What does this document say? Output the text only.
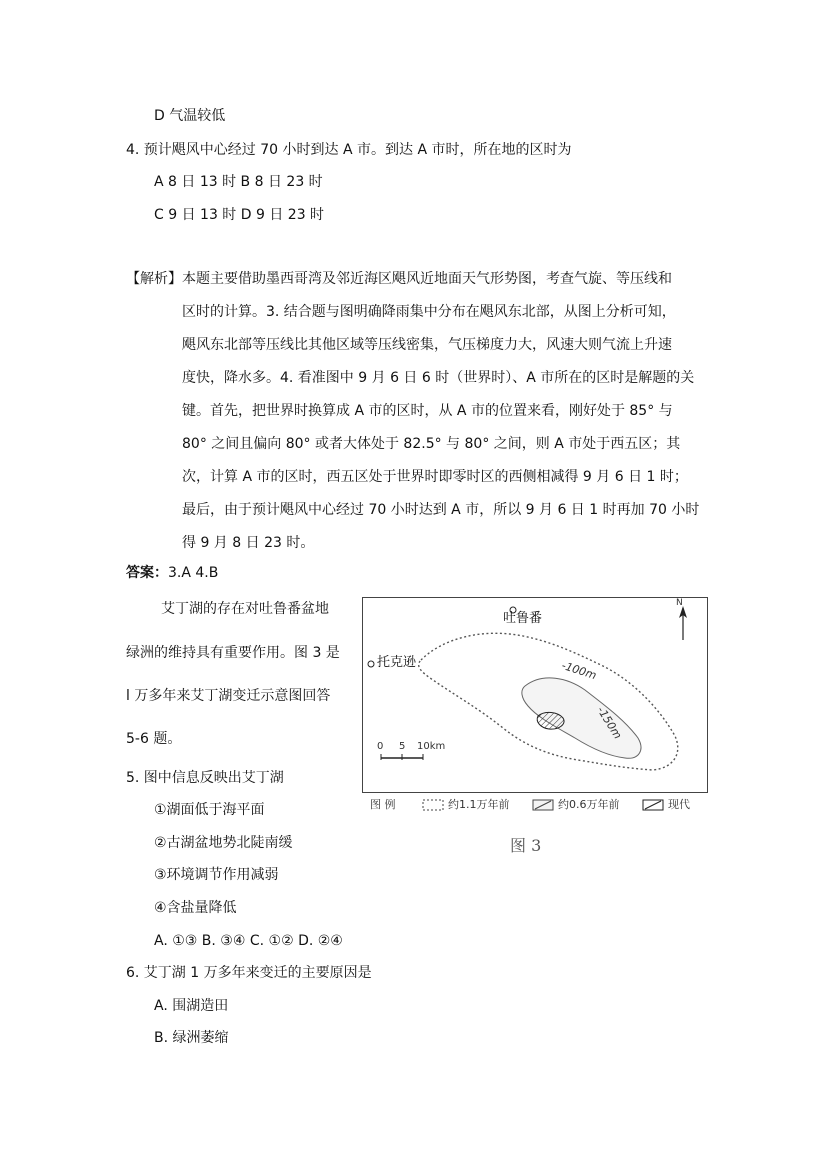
D 气温较低
4. 预计飓风中心经过 70 小时到达 A 市。到达 A 市时，所在地的区时为
A 8 日 13 时 B 8 日 23 时
C 9 日 13 时 D 9 日 23 时
【解析】本题主要借助墨西哥湾及邻近海区飓风近地面天气形势图，考查气旋、等压线和
区时的计算。3. 结合题与图明确降雨集中分布在飓风东北部，从图上分析可知，
飓风东北部等压线比其他区域等压线密集，气压梯度力大，风速大则气流上升速
度快，降水多。4. 看准图中 9 月 6 日 6 时（世界时）、A 市所在的区时是解题的关
键。首先，把世界时换算成 A 市的区时，从 A 市的位置来看，刚好处于 85° 与
80° 之间且偏向 80° 或者大体处于 82.5° 与 80° 之间，则 A 市处于西五区；其
次，计算 A 市的区时，西五区处于世界时即零时区的西侧相减得 9 月 6 日 1 时；
最后，由于预计飓风中心经过 70 小时达到 A 市，所以 9 月 6 日 1 时再加 70 小时
得 9 月 8 日 23 时。
答案：3.A 4.B
艾丁湖的存在对吐鲁番盆地
绿洲的维持具有重要作用。图 3 是
l 万多年来艾丁湖变迁示意图回答
5-6 题。
5. 图中信息反映出艾丁湖
①湖面低于海平面
②古湖盆地势北陡南缓
③环境调节作用减弱
④含盐量降低
A. ①③ B. ③④ C. ①② D. ②④
6. 艾丁湖 1 万多年来变迁的主要原因是
A. 围湖造田
B. 绿洲萎缩
吐鲁番
托克逊	-100m
-150m
N
0 5 10km
图 例	约1.1万年前	约0.6万年前	现代
图 3
